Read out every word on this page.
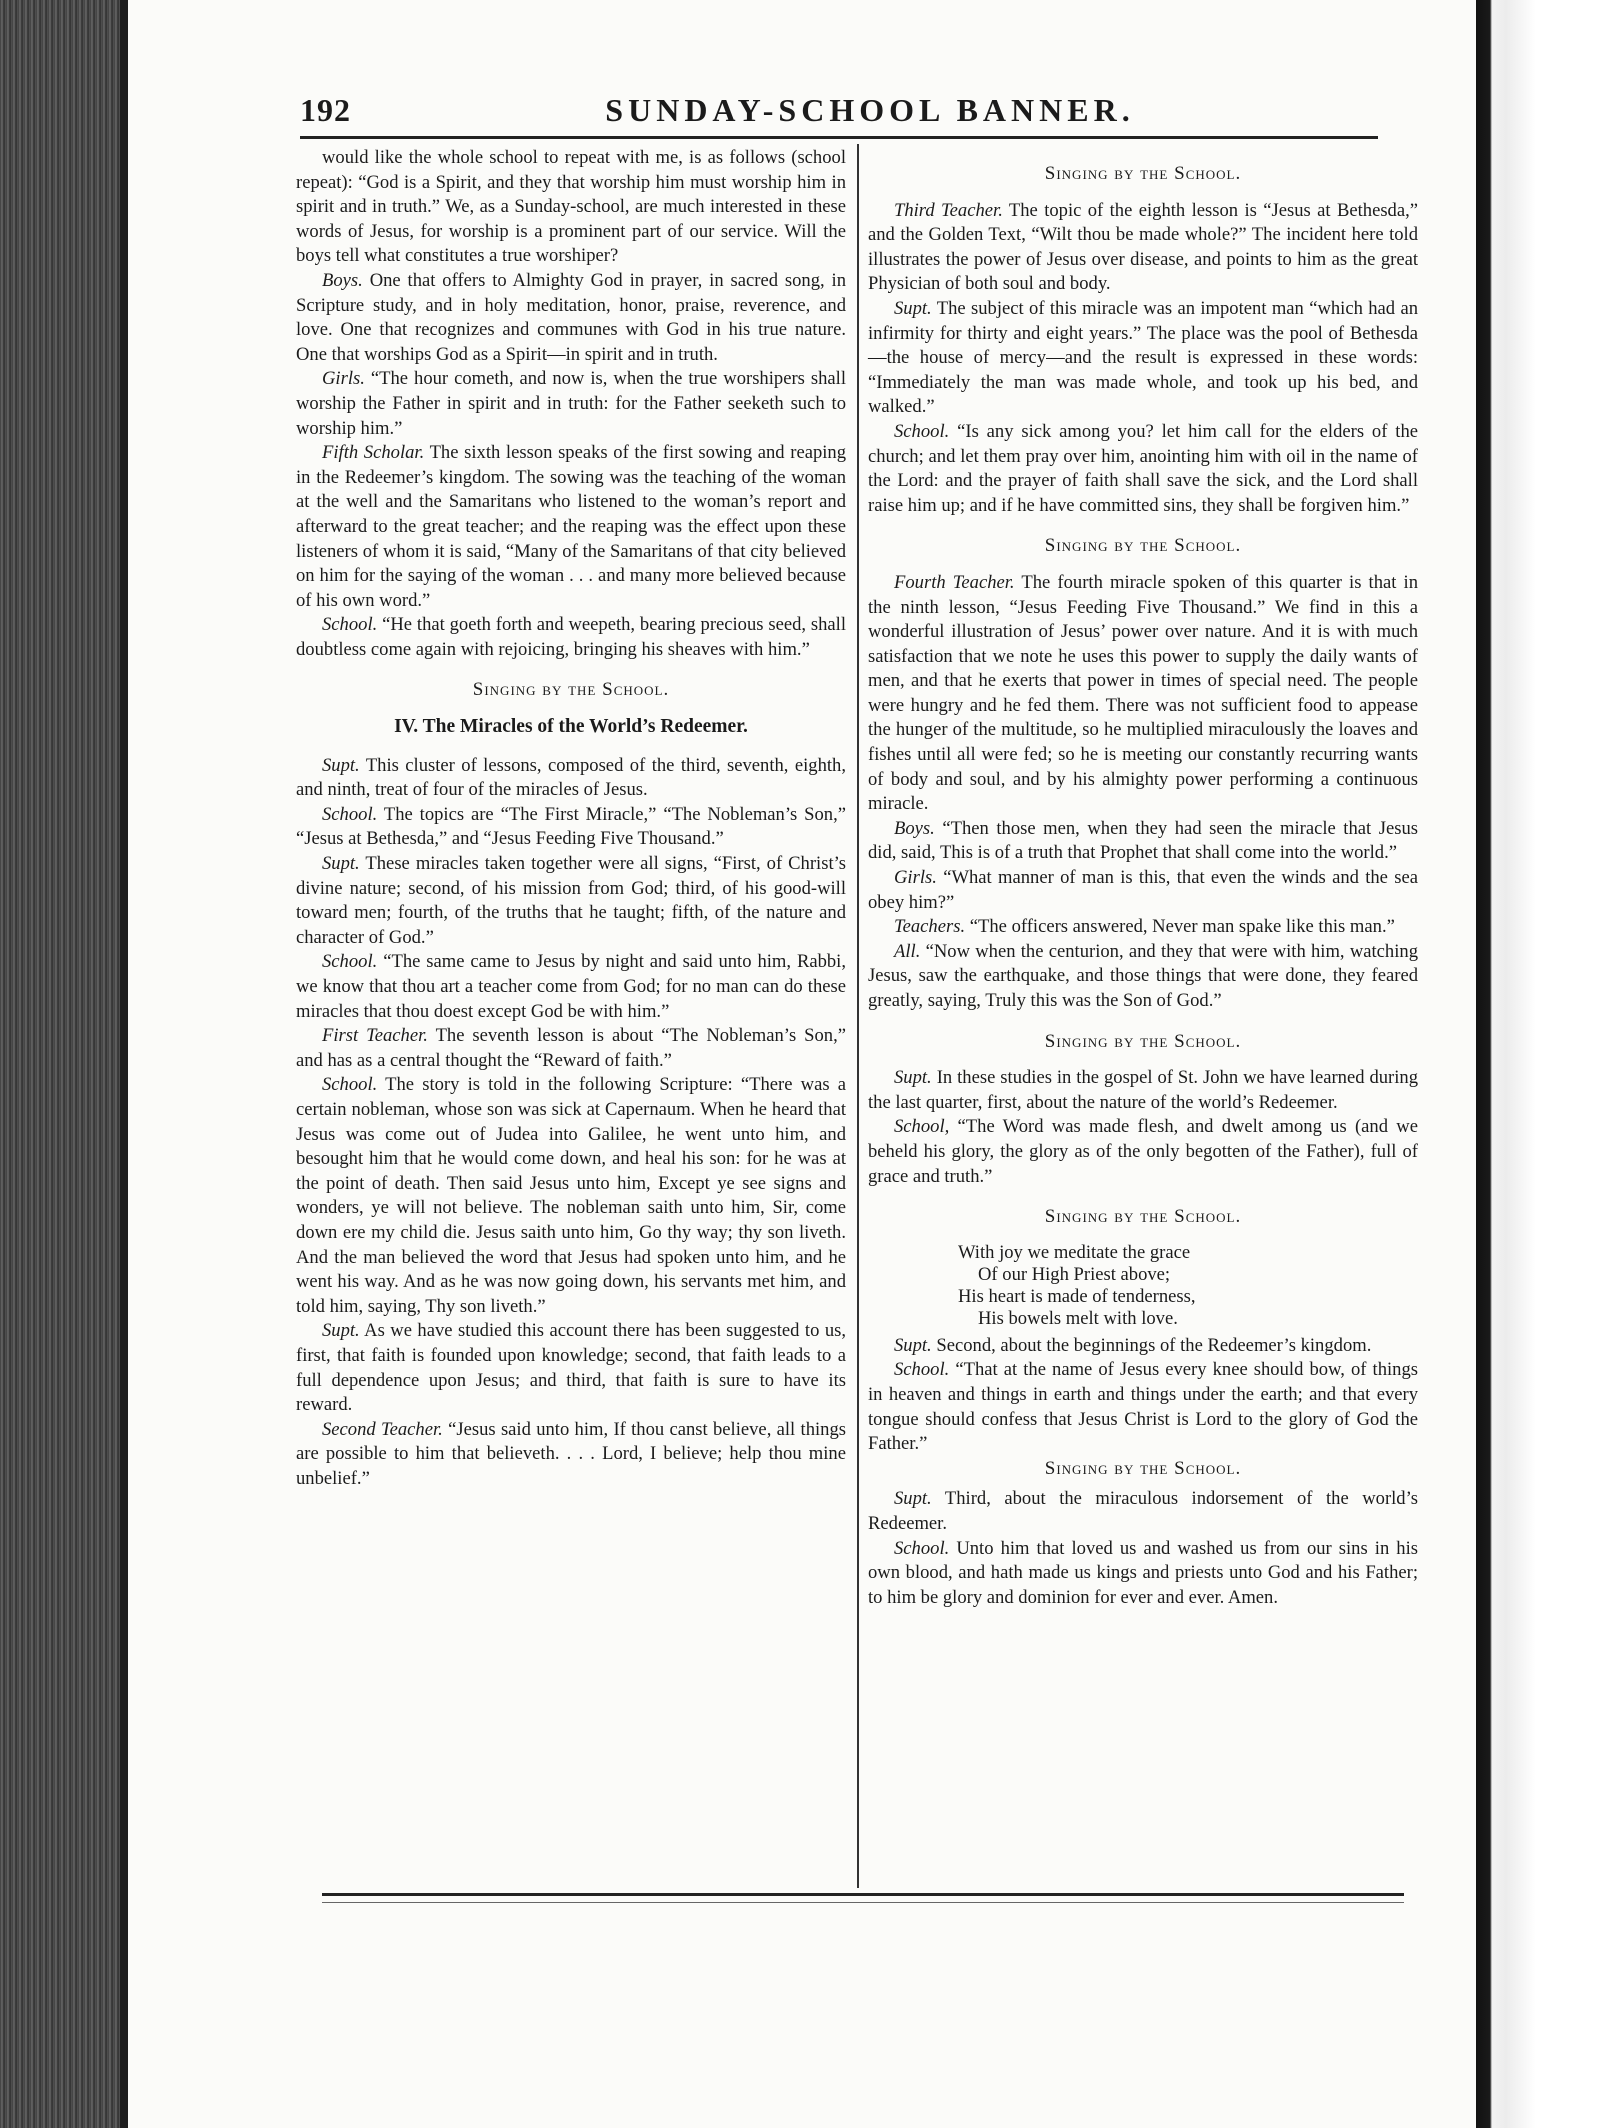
192	SUNDAY-SCHOOL BANNER.

would like the whole school to repeat with me, is as follows (school repeat): “God is a Spirit, and they that worship him must worship him in spirit and in truth.” We, as a Sunday-school, are much interested in these words of Jesus, for worship is a prominent part of our service. Will the boys tell what constitutes a true worshiper?

Boys. One that offers to Almighty God in prayer, in sacred song, in Scripture study, and in holy meditation, honor, praise, reverence, and love. One that recognizes and communes with God in his true nature. One that worships God as a Spirit—in spirit and in truth.

Girls. “The hour cometh, and now is, when the true worshipers shall worship the Father in spirit and in truth: for the Father seeketh such to worship him.”

Fifth Scholar. The sixth lesson speaks of the first sowing and reaping in the Redeemer’s kingdom. The sowing was the teaching of the woman at the well and the Samaritans who listened to the woman’s report and afterward to the great teacher; and the reaping was the effect upon these listeners of whom it is said, “Many of the Samaritans of that city believed on him for the saying of the woman . . . and many more believed because of his own word.”

School. “He that goeth forth and weepeth, bearing precious seed, shall doubtless come again with rejoicing, bringing his sheaves with him.”

Singing by the School.
IV. The Miracles of the World’s Redeemer.

Supt. This cluster of lessons, composed of the third, seventh, eighth, and ninth, treat of four of the miracles of Jesus.

School. The topics are “The First Miracle,” “The Nobleman’s Son,” “Jesus at Bethesda,” and “Jesus Feeding Five Thousand.”

Supt. These miracles taken together were all signs, “First, of Christ’s divine nature; second, of his mission from God; third, of his good-will toward men; fourth, of the truths that he taught; fifth, of the nature and character of God.”

School. “The same came to Jesus by night and said unto him, Rabbi, we know that thou art a teacher come from God; for no man can do these miracles that thou doest except God be with him.”

First Teacher. The seventh lesson is about “The Nobleman’s Son,” and has as a central thought the “Reward of faith.”

School. The story is told in the following Scripture: “There was a certain nobleman, whose son was sick at Capernaum. When he heard that Jesus was come out of Judea into Galilee, he went unto him, and besought him that he would come down, and heal his son: for he was at the point of death. Then said Jesus unto him, Except ye see signs and wonders, ye will not believe. The nobleman saith unto him, Sir, come down ere my child die. Jesus saith unto him, Go thy way; thy son liveth. And the man believed the word that Jesus had spoken unto him, and he went his way. And as he was now going down, his servants met him, and told him, saying, Thy son liveth.”

Supt. As we have studied this account there has been suggested to us, first, that faith is founded upon knowledge; second, that faith leads to a full dependence upon Jesus; and third, that faith is sure to have its reward.

Second Teacher. “Jesus said unto him, If thou canst believe, all things are possible to him that believeth. . . . Lord, I believe; help thou mine unbelief.”

Singing by the School.

Third Teacher. The topic of the eighth lesson is “Jesus at Bethesda,” and the Golden Text, “Wilt thou be made whole?” The incident here told illustrates the power of Jesus over disease, and points to him as the great Physician of both soul and body.

Supt. The subject of this miracle was an impotent man “which had an infirmity for thirty and eight years.” The place was the pool of Bethesda—the house of mercy—and the result is expressed in these words: “Immediately the man was made whole, and took up his bed, and walked.”

School. “Is any sick among you? let him call for the elders of the church; and let them pray over him, anointing him with oil in the name of the Lord: and the prayer of faith shall save the sick, and the Lord shall raise him up; and if he have committed sins, they shall be forgiven him.”

Singing by the School.

Fourth Teacher. The fourth miracle spoken of this quarter is that in the ninth lesson, “Jesus Feeding Five Thousand.” We find in this a wonderful illustration of Jesus’ power over nature. And it is with much satisfaction that we note he uses this power to supply the daily wants of men, and that he exerts that power in times of special need. The people were hungry and he fed them. There was not sufficient food to appease the hunger of the multitude, so he multiplied miraculously the loaves and fishes until all were fed; so he is meeting our constantly recurring wants of body and soul, and by his almighty power performing a continuous miracle.

Boys. “Then those men, when they had seen the miracle that Jesus did, said, This is of a truth that Prophet that shall come into the world.”

Girls. “What manner of man is this, that even the winds and the sea obey him?”

Teachers. “The officers answered, Never man spake like this man.”

All. “Now when the centurion, and they that were with him, watching Jesus, saw the earthquake, and those things that were done, they feared greatly, saying, Truly this was the Son of God.”

Singing by the School.

Supt. In these studies in the gospel of St. John we have learned during the last quarter, first, about the nature of the world’s Redeemer.

School, “The Word was made flesh, and dwelt among us (and we beheld his glory, the glory as of the only begotten of the Father), full of grace and truth.”

Singing by the School.
With joy we meditate the grace
Of our High Priest above;
His heart is made of tenderness,
His bowels melt with love.

Supt. Second, about the beginnings of the Redeemer’s kingdom.

School. “That at the name of Jesus every knee should bow, of things in heaven and things in earth and things under the earth; and that every tongue should confess that Jesus Christ is Lord to the glory of God the Father.”

Singing by the School.

Supt. Third, about the miraculous indorsement of the world’s Redeemer.

School. Unto him that loved us and washed us from our sins in his own blood, and hath made us kings and priests unto God and his Father; to him be glory and dominion for ever and ever. Amen.
